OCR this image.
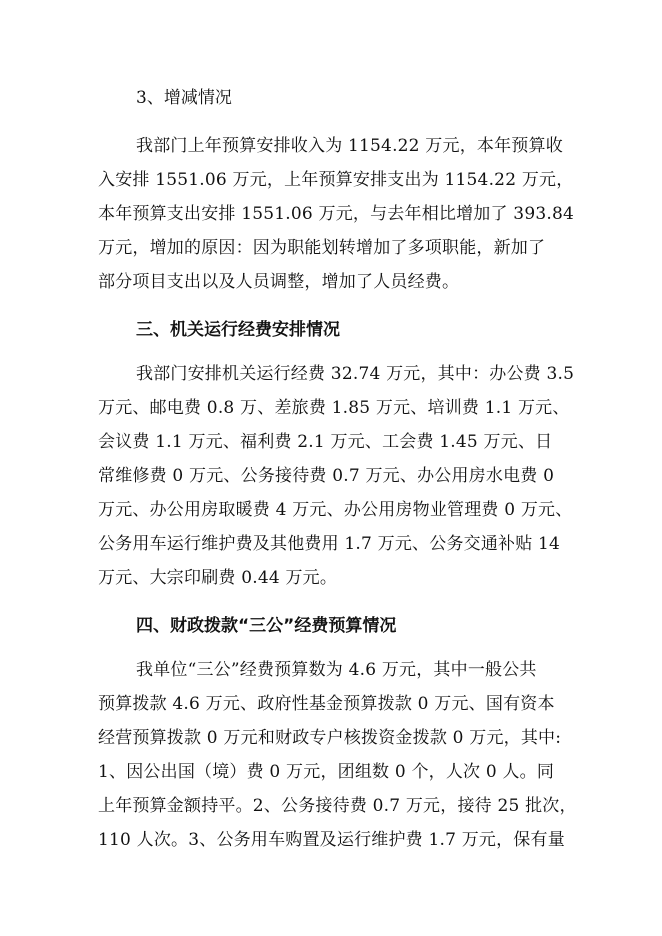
3、增减情况
我部门上年预算安排收入为 1154.22 万元，本年预算收
入安排 1551.06 万元，上年预算安排支出为 1154.22 万元，
本年预算支出安排 1551.06 万元，与去年相比增加了 393.84
万元，增加的原因：因为职能划转增加了多项职能，新加了
部分项目支出以及人员调整，增加了人员经费。
三、机关运行经费安排情况
我部门安排机关运行经费 32.74 万元，其中：办公费 3.5
万元、邮电费 0.8 万、差旅费 1.85 万元、培训费 1.1 万元、
会议费 1.1 万元、福利费 2.1 万元、工会费 1.45 万元、日
常维修费 0 万元、公务接待费 0.7 万元、办公用房水电费 0
万元、办公用房取暖费 4 万元、办公用房物业管理费 0 万元、
公务用车运行维护费及其他费用 1.7 万元、公务交通补贴 14
万元、大宗印刷费 0.44 万元。
四、财政拨款“三公”经费预算情况
我单位“三公”经费预算数为 4.6 万元，其中一般公共
预算拨款 4.6 万元、政府性基金预算拨款 0 万元、国有资本
经营预算拨款 0 万元和财政专户核拨资金拨款 0 万元，其中:
1、因公出国（境）费 0 万元，团组数 0 个，人次 0 人。同
上年预算金额持平。2、公务接待费 0.7 万元，接待 25 批次，
110 人次。3、公务用车购置及运行维护费 1.7 万元，保有量
